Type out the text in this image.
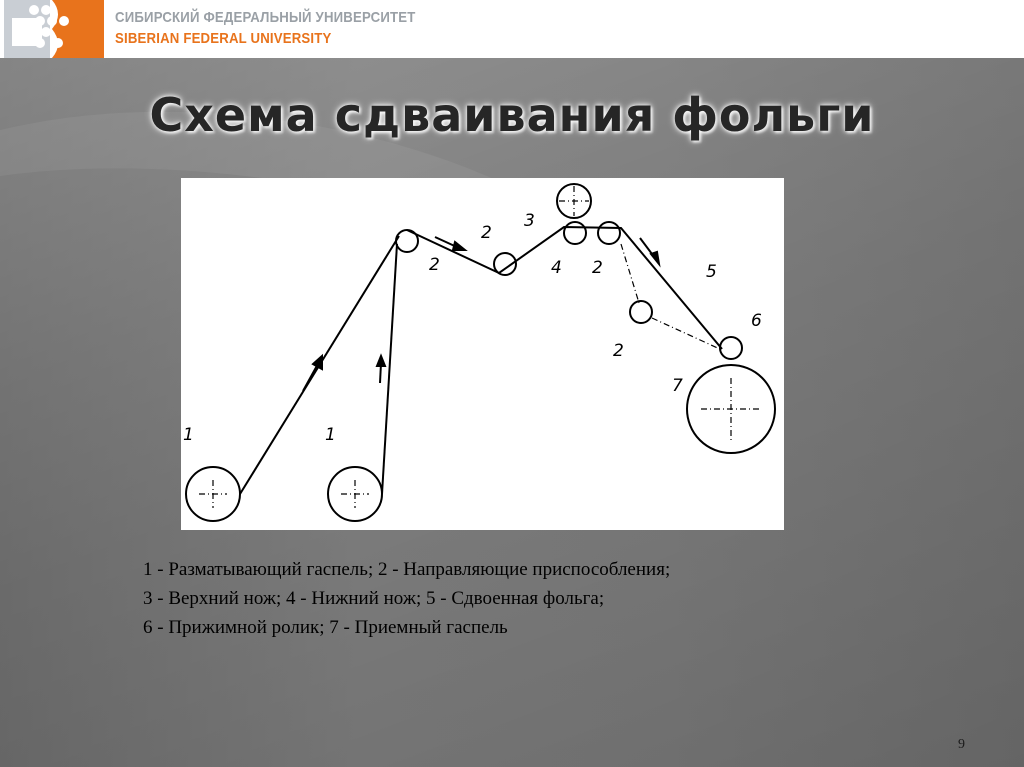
СИБИРСКИЙ ФЕДЕРАЛЬНЫЙ УНИВЕРСИТЕТ
SIBERIAN FEDERAL UNIVERSITY
Схема сдваивания фольги
1	1
2
2
3
4 2	5
2
6
7
1 - Разматывающий гаспель; 2 - Направляющие приспособления;
3 - Верхний нож; 4 - Нижний нож; 5 - Сдвоенная фольга;
6 - Прижимной ролик; 7 - Приемный гаспель
9
